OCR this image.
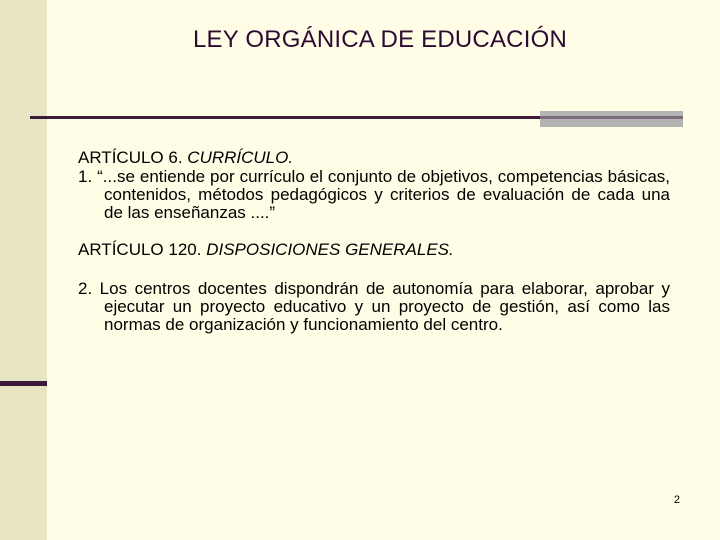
LEY ORGÁNICA DE EDUCACIÓN

ARTÍCULO 6. CURRÍCULO.

1. “...se entiende por currículo el conjunto de objetivos, competencias básicas, contenidos, métodos pedagógicos y criterios de evaluación de cada una de las enseñanzas ....”

ARTÍCULO 120. DISPOSICIONES GENERALES.

2. Los centros docentes dispondrán de autonomía para elaborar, aprobar y ejecutar un proyecto educativo y un proyecto de gestión, así como las normas de organización y funcionamiento del centro.

2
